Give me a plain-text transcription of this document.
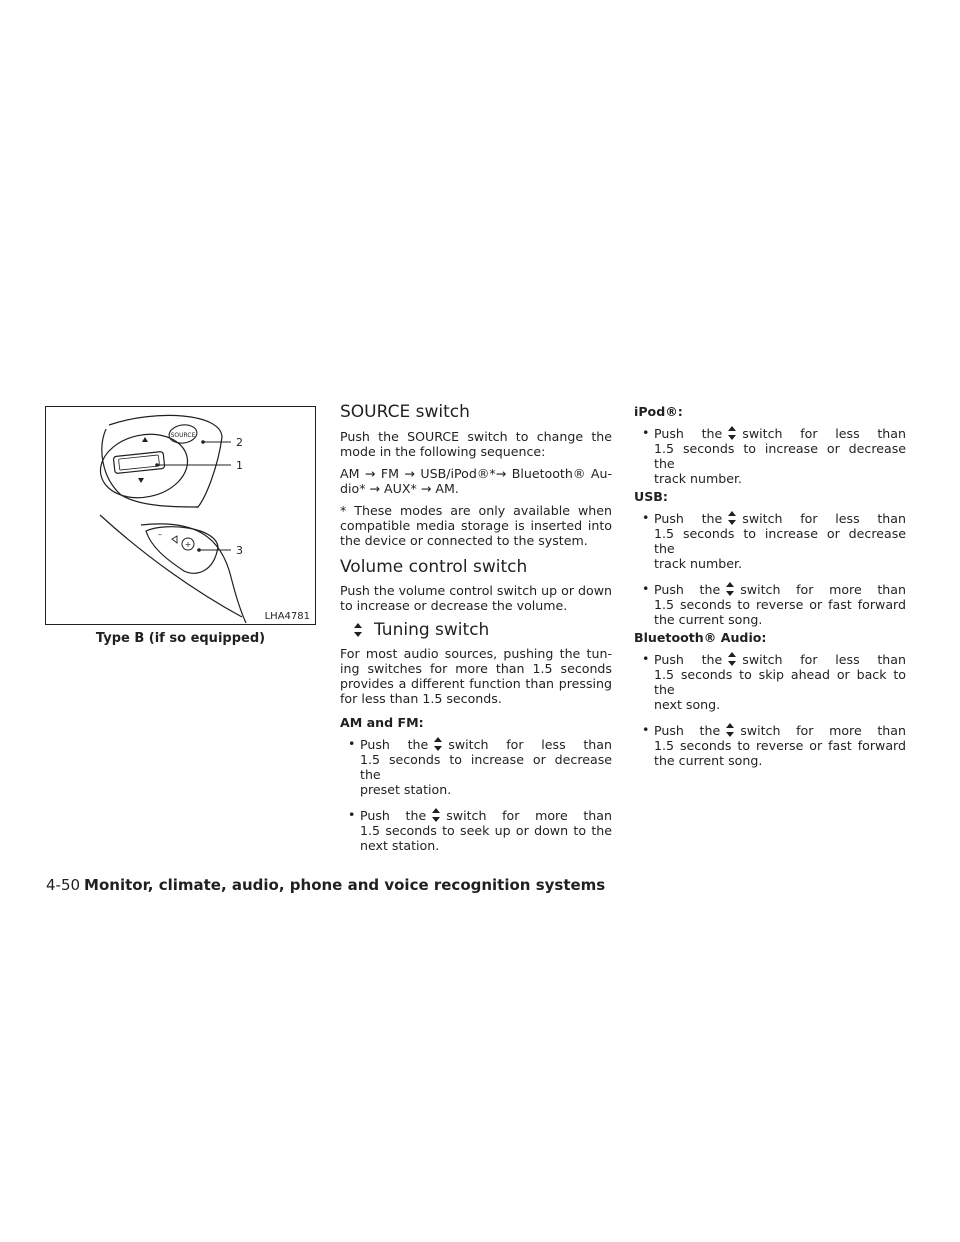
SOURCE
+
–
2
1
3
LHA4781
Type B (if so equipped)
SOURCE switch

Push the SOURCE switch to change the

mode in the following sequence:

AM → FM → USB/iPod®*→ Bluetooth® Au-

dio* → AUX* → AM.

* These modes are only available when

compatible media storage is inserted into

the device or connected to the system.

Volume control switch

Push the volume control switch up or down

to increase or decrease the volume.

Tuning switch

For most audio sources, pushing the tun-

ing switches for more than 1.5 seconds

provides a different function than pressing

for less than 1.5 seconds.

AM and FM:
• Push the switch for less than

1.5 seconds to increase or decrease the

preset station.

• Push the switch for more than

1.5 seconds to seek up or down to the

next station.

iPod®:
• Push the switch for less than

1.5 seconds to increase or decrease the

track number.

USB:
• Push the switch for less than

1.5 seconds to increase or decrease the

track number.

• Push the switch for more than

1.5 seconds to reverse or fast forward

the current song.

Bluetooth® Audio:
• Push the switch for less than

1.5 seconds to skip ahead or back to the

next song.

• Push the switch for more than

1.5 seconds to reverse or fast forward

the current song.

4-50 Monitor, climate, audio, phone and voice recognition systems
